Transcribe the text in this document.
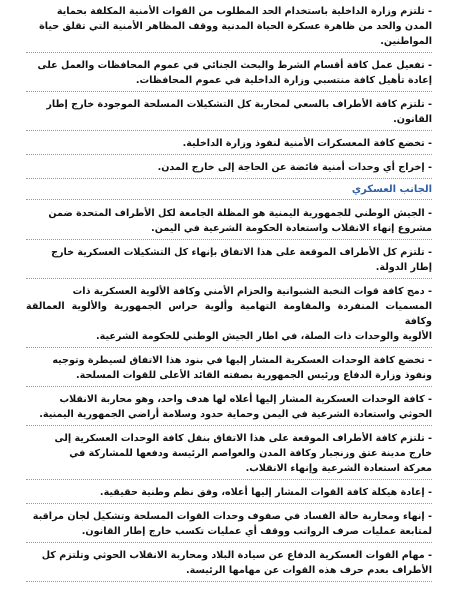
- تلتزم وزارة الداخلية باستخدام الحد المطلوب من القوات الأمنية المكلفة بحماية

المدن والحد من ظاهرة عسكرة الحياة المدنية ووقف المظاهر الأمنية التي تقلق حياة

المواطنين.

- تفعيل عمل كافة أقسام الشرط والبحث الجنائي في عموم المحافظات والعمل على

إعادة تأهيل كافة منتسبي وزارة الداخلية في عموم المحافظات.

- تلتزم كافة الأطراف بالسعي لمحاربة كل التشكيلات المسلحة الموجودة خارج إطار

القانون.

- تخضع كافة المعسكرات الأمنية لنفوذ وزارة الداخلية.

- إخراج أي وحدات أمنية فائضة عن الحاجة إلى خارج المدن.

الجانب العسكري

- الجيش الوطني للجمهورية اليمنية هو المظلة الجامعة لكل الأطراف المتحدة ضمن

مشروع إنهاء الانقلاب واستعادة الحكومة الشرعية في اليمن.

- تلتزم كل الأطراف الموقعة على هذا الاتفاق بإنهاء كل التشكيلات العسكرية خارج

إطار الدولة.

- دمج كافة قوات النخبة الشبوانية والحزام الأمني وكافة الألوية العسكرية ذات

المسميات المنفردة والمقاومة التهامية وألوية حراس الجمهورية والألوية العمالقة وكافة

الألوية والوحدات ذات الصلة، في اطار الجيش الوطني للحكومة الشرعية.

- تخضع كافة الوحدات العسكرية المشار إليها في بنود هذا الاتفاق لسيطرة وتوجيه

ونفوذ وزارة الدفاع ورئيس الجمهورية بصفته القائد الأعلى للقوات المسلحة.

- كافة الوحدات العسكرية المشار إليها أعلاه لها هدف واحد، وهو محاربة الانقلاب

الحوثي واستعادة الشرعية في اليمن وحماية حدود وسلامة أراضي الجمهورية اليمنية.

- تلتزم كافة الأطراف الموقعة على هذا الاتفاق بنقل كافة الوحدات العسكرية إلى

خارج مدينة عتق وزنجبار وكافة المدن والعواصم الرئيسة ودفعها للمشاركة في

معركة استعادة الشرعية وإنهاء الانقلاب.

- إعادة هيكلة كافة القوات المشار إليها أعلاه، وفق نظم وطنية حقيقية.

- إنهاء ومحاربة حالة الفساد في صفوف وحدات القوات المسلحة وتشكيل لجان مراقبة

لمتابعة عمليات صرف الرواتب ووقف أي عمليات تكسب خارج إطار القانون.

- مهام القوات العسكرية الدفاع عن سيادة البلاد ومحاربة الانقلاب الحوثي وتلتزم كل

الأطراف بعدم حرف هذه القوات عن مهامها الرئيسة.
